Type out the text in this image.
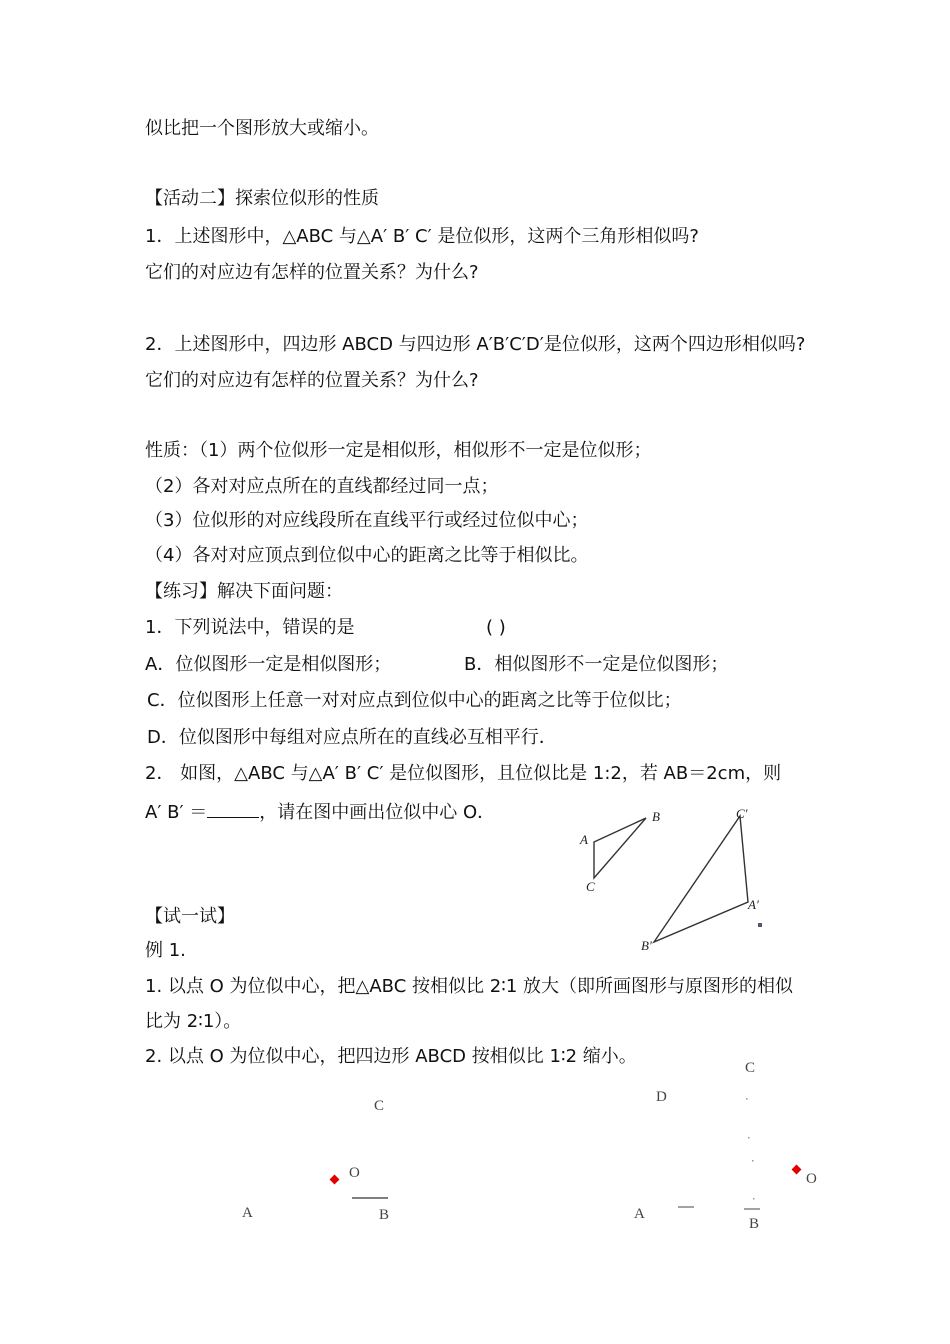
似比把一个图形放大或缩小。
【活动二】探索位似形的性质
1．上述图形中，△ABC 与△A′ B′ C′ 是位似形，这两个三角形相似吗?
它们的对应边有怎样的位置关系？为什么?
2．上述图形中，四边形 ABCD 与四边形 A′B′C′D′是位似形，这两个四边形相似吗?
它们的对应边有怎样的位置关系？为什么?
性质：（1）两个位似形一定是相似形，相似形不一定是位似形；
（2）各对对应点所在的直线都经过同一点；
（3）位似形的对应线段所在直线平行或经过位似中心；
（4）各对对应顶点到位似中心的距离之比等于相似比。
【练习】解决下面问题：
1．下列说法中，错误的是	( )
A．位似图形一定是相似图形；	B．相似图形不一定是位似图形；
C．位似图形上任意一对对应点到位似中心的距离之比等于位似比；
D．位似图形中每组对应点所在的直线必互相平行．
2． 如图，△ABC 与△A′ B′ C′ 是位似图形，且位似比是 1:2，若 AB＝2cm，则
A′ B′ ＝	，请在图中画出位似中心 O．
【试一试】
例 1.
1. 以点 O 为位似中心，把△ABC 按相似比 2∶1 放大（即所画图形与原图形的相似
比为 2∶1）。
2. 以点 O 为位似中心，把四边形 ABCD 按相似比 1∶2 缩小。
A
B
C
C′
A′
B′
C
O
A	B
D
C
O
A
B
